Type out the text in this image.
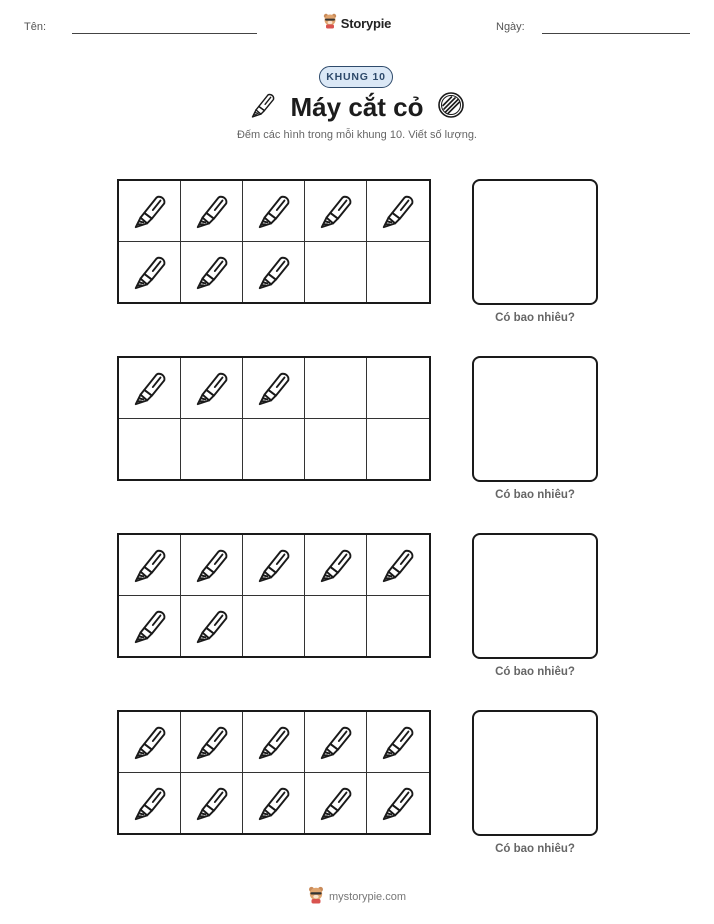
Tên:	Storypie	Ngày:
KHUNG 10
Máy cắt cỏ
Đếm các hình trong mỗi khung 10. Viết số lượng.
Có bao nhiêu?
Có bao nhiêu?
Có bao nhiêu?
Có bao nhiêu?
mystorypie.com
